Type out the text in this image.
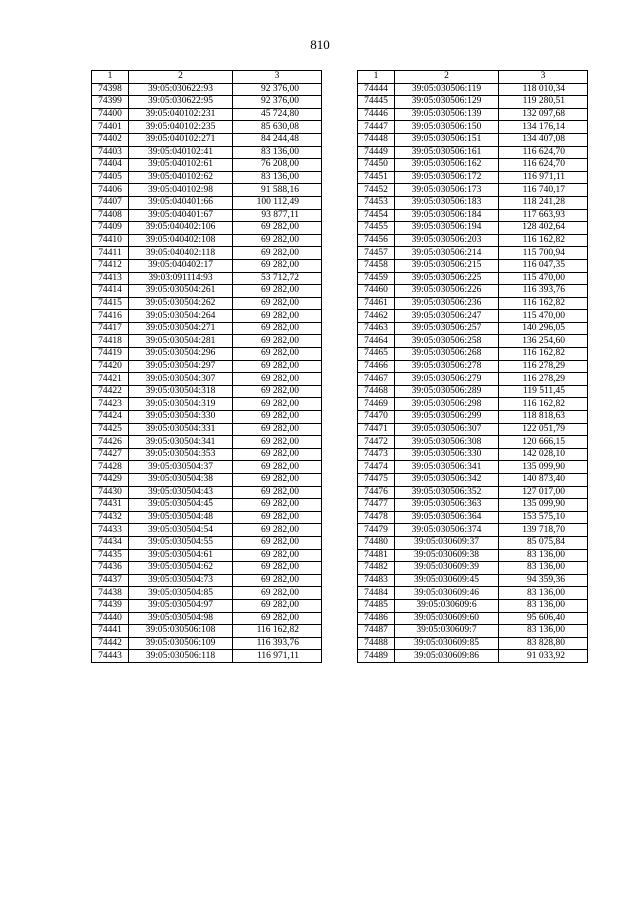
810
1	2	3
74398	39:05:030622:93	92 376,00
74399	39:05:030622:95	92 376,00
74400	39:05:040102:231	45 724,80
74401	39:05:040102:235	85 630,08
74402	39:05:040102:271	84 244,48
74403	39:05:040102:41	83 136,00
74404	39:05:040102:61	76 208,00
74405	39:05:040102:62	83 136,00
74406	39:05:040102:98	91 588,16
74407	39:05:040401:66	100 112,49
74408	39:05:040401:67	93 877,11
74409	39:05:040402:106	69 282,00
74410	39:05:040402:108	69 282,00
74411	39:05:040402:118	69 282,00
74412	39:05:040402:17	69 282,00
74413	39:03:091114:93	53 712,72
74414	39:05:030504:261	69 282,00
74415	39:05:030504:262	69 282,00
74416	39:05:030504:264	69 282,00
74417	39:05:030504:271	69 282,00
74418	39:05:030504:281	69 282,00
74419	39:05:030504:296	69 282,00
74420	39:05:030504:297	69 282,00
74421	39:05:030504:307	69 282,00
74422	39:05:030504:318	69 282,00
74423	39:05:030504:319	69 282,00
74424	39:05:030504:330	69 282,00
74425	39:05:030504:331	69 282,00
74426	39:05:030504:341	69 282,00
74427	39:05:030504:353	69 282,00
74428	39:05:030504:37	69 282,00
74429	39:05:030504:38	69 282,00
74430	39:05:030504:43	69 282,00
74431	39:05:030504:45	69 282,00
74432	39:05:030504:48	69 282,00
74433	39:05:030504:54	69 282,00
74434	39:05:030504:55	69 282,00
74435	39:05:030504:61	69 282,00
74436	39:05:030504:62	69 282,00
74437	39:05:030504:73	69 282,00
74438	39:05:030504:85	69 282,00
74439	39:05:030504:97	69 282,00
74440	39:05:030504:98	69 282,00
74441	39:05:030506:108	116 162,82
74442	39:05:030506:109	116 393,76
74443	39:05:030506:118	116 971,11
1	2	3
74444	39:05:030506:119	118 010,34
74445	39:05:030506:129	119 280,51
74446	39:05:030506:139	132 097,68
74447	39:05:030506:150	134 176,14
74448	39:05:030506:151	134 407,08
74449	39:05:030506:161	116 624,70
74450	39:05:030506:162	116 624,70
74451	39:05:030506:172	116 971,11
74452	39:05:030506:173	116 740,17
74453	39:05:030506:183	118 241,28
74454	39:05:030506:184	117 663,93
74455	39:05:030506:194	128 402,64
74456	39:05:030506:203	116 162,82
74457	39:05:030506:214	115 700,94
74458	39:05:030506:215	116 047,35
74459	39:05:030506:225	115 470,00
74460	39:05:030506:226	116 393,76
74461	39:05:030506:236	116 162,82
74462	39:05:030506:247	115 470,00
74463	39:05:030506:257	140 296,05
74464	39:05:030506:258	136 254,60
74465	39:05:030506:268	116 162,82
74466	39:05:030506:278	116 278,29
74467	39:05:030506:279	116 278,29
74468	39:05:030506:289	119 511,45
74469	39:05:030506:298	116 162,82
74470	39:05:030506:299	118 818,63
74471	39:05:030506:307	122 051,79
74472	39:05:030506:308	120 666,15
74473	39:05:030506:330	142 028,10
74474	39:05:030506:341	135 099,90
74475	39:05:030506:342	140 873,40
74476	39:05:030506:352	127 017,00
74477	39:05:030506:363	135 099,90
74478	39:05:030506:364	153 575,10
74479	39:05:030506:374	139 718,70
74480	39:05:030609:37	85 075,84
74481	39:05:030609:38	83 136,00
74482	39:05:030609:39	83 136,00
74483	39:05:030609:45	94 359,36
74484	39:05:030609:46	83 136,00
74485	39:05:030609:6	83 136,00
74486	39:05:030609:60	95 606,40
74487	39:05:030609:7	83 136,00
74488	39:05:030609:85	83 828,80
74489	39:05:030609:86	91 033,92
